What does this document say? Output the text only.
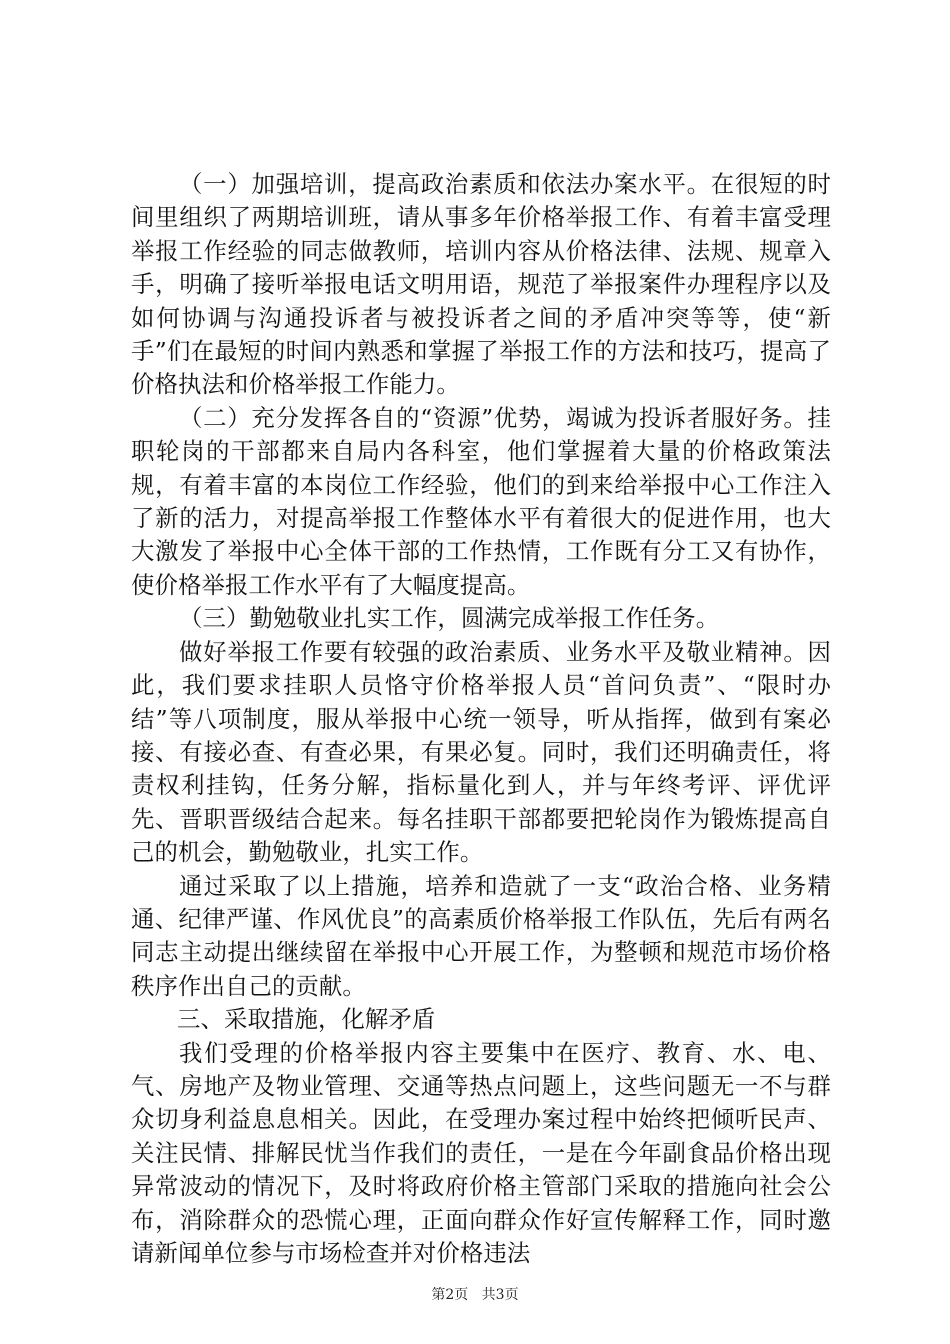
（一）加强培训，提高政治素质和依法办案水平。在很短的时间里组织了两期培训班，请从事多年价格举报工作、有着丰富受理举报工作经验的同志做教师，培训内容从价格法律、法规、规章入手，明确了接听举报电话文明用语，规范了举报案件办理程序以及如何协调与沟通投诉者与被投诉者之间的矛盾冲突等等，使“新手”们在最短的时间内熟悉和掌握了举报工作的方法和技巧，提高了价格执法和价格举报工作能力。

（二）充分发挥各自的“资源”优势，竭诚为投诉者服好务。挂职轮岗的干部都来自局内各科室，他们掌握着大量的价格政策法规，有着丰富的本岗位工作经验，他们的到来给举报中心工作注入了新的活力，对提高举报工作整体水平有着很大的促进作用，也大大激发了举报中心全体干部的工作热情，工作既有分工又有协作，使价格举报工作水平有了大幅度提高。

（三）勤勉敬业扎实工作，圆满完成举报工作任务。

做好举报工作要有较强的政治素质、业务水平及敬业精神。因此，我们要求挂职人员恪守价格举报人员“首问负责”、“限时办结”等八项制度，服从举报中心统一领导，听从指挥，做到有案必接、有接必查、有查必果，有果必复。同时，我们还明确责任，将责权利挂钩，任务分解，指标量化到人，并与年终考评、评优评先、晋职晋级结合起来。每名挂职干部都要把轮岗作为锻炼提高自己的机会，勤勉敬业，扎实工作。

通过采取了以上措施，培养和造就了一支“政治合格、业务精通、纪律严谨、作风优良”的高素质价格举报工作队伍，先后有两名同志主动提出继续留在举报中心开展工作，为整顿和规范市场价格秩序作出自己的贡献。

三、采取措施，化解矛盾

我们受理的价格举报内容主要集中在医疗、教育、水、电、气、房地产及物业管理、交通等热点问题上，这些问题无一不与群众切身利益息息相关。因此，在受理办案过程中始终把倾听民声、关注民情、排解民忧当作我们的责任，一是在今年副食品价格出现异常波动的情况下，及时将政府价格主管部门采取的措施向社会公布，消除群众的恐慌心理，正面向群众作好宣传解释工作，同时邀请新闻单位参与市场检查并对价格违法

第2页 共3页
